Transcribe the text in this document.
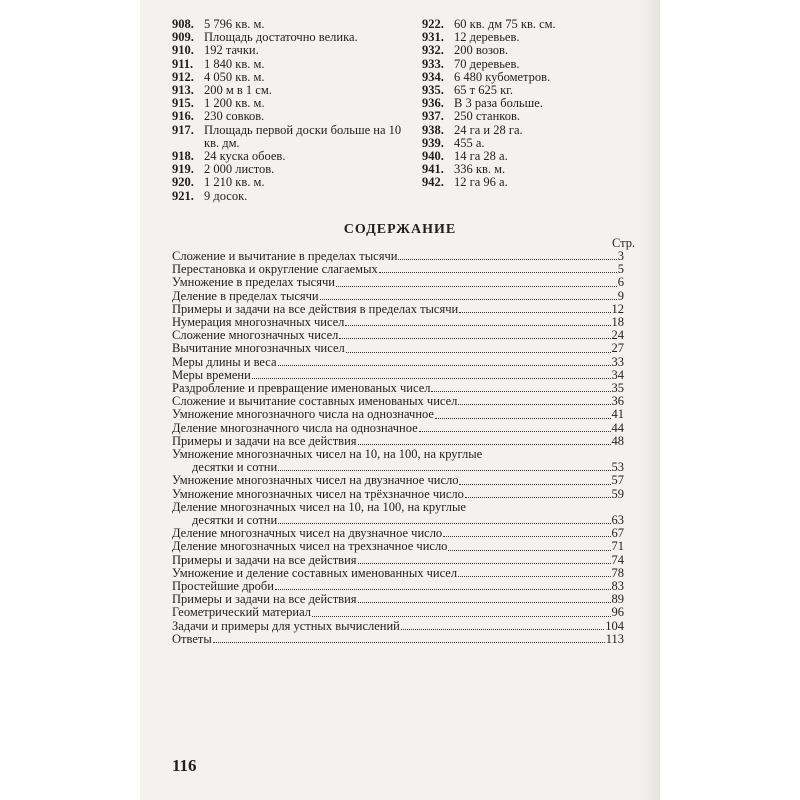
908. 5 796 кв. м.
909. Площадь достаточно велика.
910. 192 тачки.
911. 1 840 кв. м.
912. 4 050 кв. м.
913. 200 м в 1 см.
915. 1 200 кв. м.
916. 230 совков.
917. Площадь первой доски больше на 10 кв. дм.
918. 24 куска обоев.
919. 2 000 листов.
920. 1 210 кв. м.
921. 9 досок.
922. 60 кв. дм 75 кв. см.
931. 12 деревьев.
932. 200 возов.
933. 70 деревьев.
934. 6 480 кубометров.
935. 65 т 625 кг.
936. В 3 раза больше.
937. 250 станков.
938. 24 га и 28 га.
939. 455 а.
940. 14 га 28 а.
941. 336 кв. м.
942. 12 га 96 а.
СОДЕРЖАНИЕ
Стр.
Сложение и вычитание в пределах тысячи	3
Перестановка и округление слагаемых	5
Умножение в пределах тысячи	6
Деление в пределах тысячи	9
Примеры и задачи на все действия в пределах тысячи	12
Нумерация многозначных чисел	18
Сложение многозначных чисел	24
Вычитание многозначных чисел	27
Меры длины и веса	33
Меры времени	34
Раздробление и превращение именованых чисел	35
Сложение и вычитание составных именованых чисел	36
Умножение многозначного числа на однозначное	41
Деление многозначного числа на однозначное	44
Примеры и задачи на все действия	48
Умножение многозначных чисел на 10, на 100, на круглые
десятки и сотни	53
Умножение многозначных чисел на двузначное число	57
Умножение многозначных чисел на трёхзначное число	59
Деление многозначных чисел на 10, на 100, на круглые
десятки и сотни	63
Деление многозначных чисел на двузначное число	67
Деление многозначных чисел на трехзначное число	71
Примеры и задачи на все действия	74
Умножение и деление составных именованных чисел	78
Простейшие дроби	83
Примеры и задачи на все действия	89
Геометрический материал	96
Задачи и примеры для устных вычислений	104
Ответы	113
116
